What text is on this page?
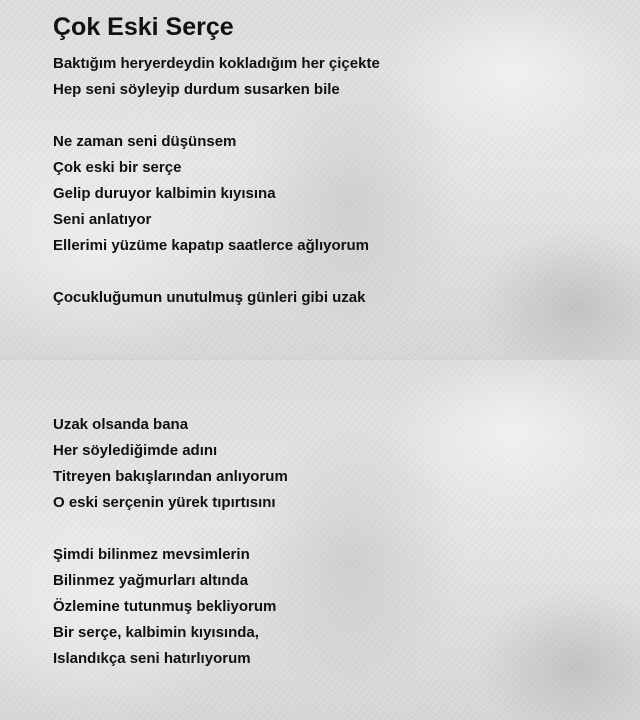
Çok Eski Serçe
Baktığım heryerdeydin kokladığım her çiçekte
Hep seni söyleyip durdum susarken bile
Ne zaman seni düşünsem
Çok eski bir serçe
Gelip duruyor kalbimin kıyısına
Seni anlatıyor
Ellerimi yüzüme kapatıp saatlerce ağlıyorum
Çocukluğumun unutulmuş günleri gibi uzak
Uzak olsanda bana
Her söylediğimde adını
Titreyen bakışlarından anlıyorum
O eski serçenin yürek tıpırtısını
Şimdi bilinmez mevsimlerin
Bilinmez yağmurları altında
Özlemine tutunmuş bekliyorum
Bir serçe, kalbimin kıyısında,
Islandıkça seni hatırlıyorum
